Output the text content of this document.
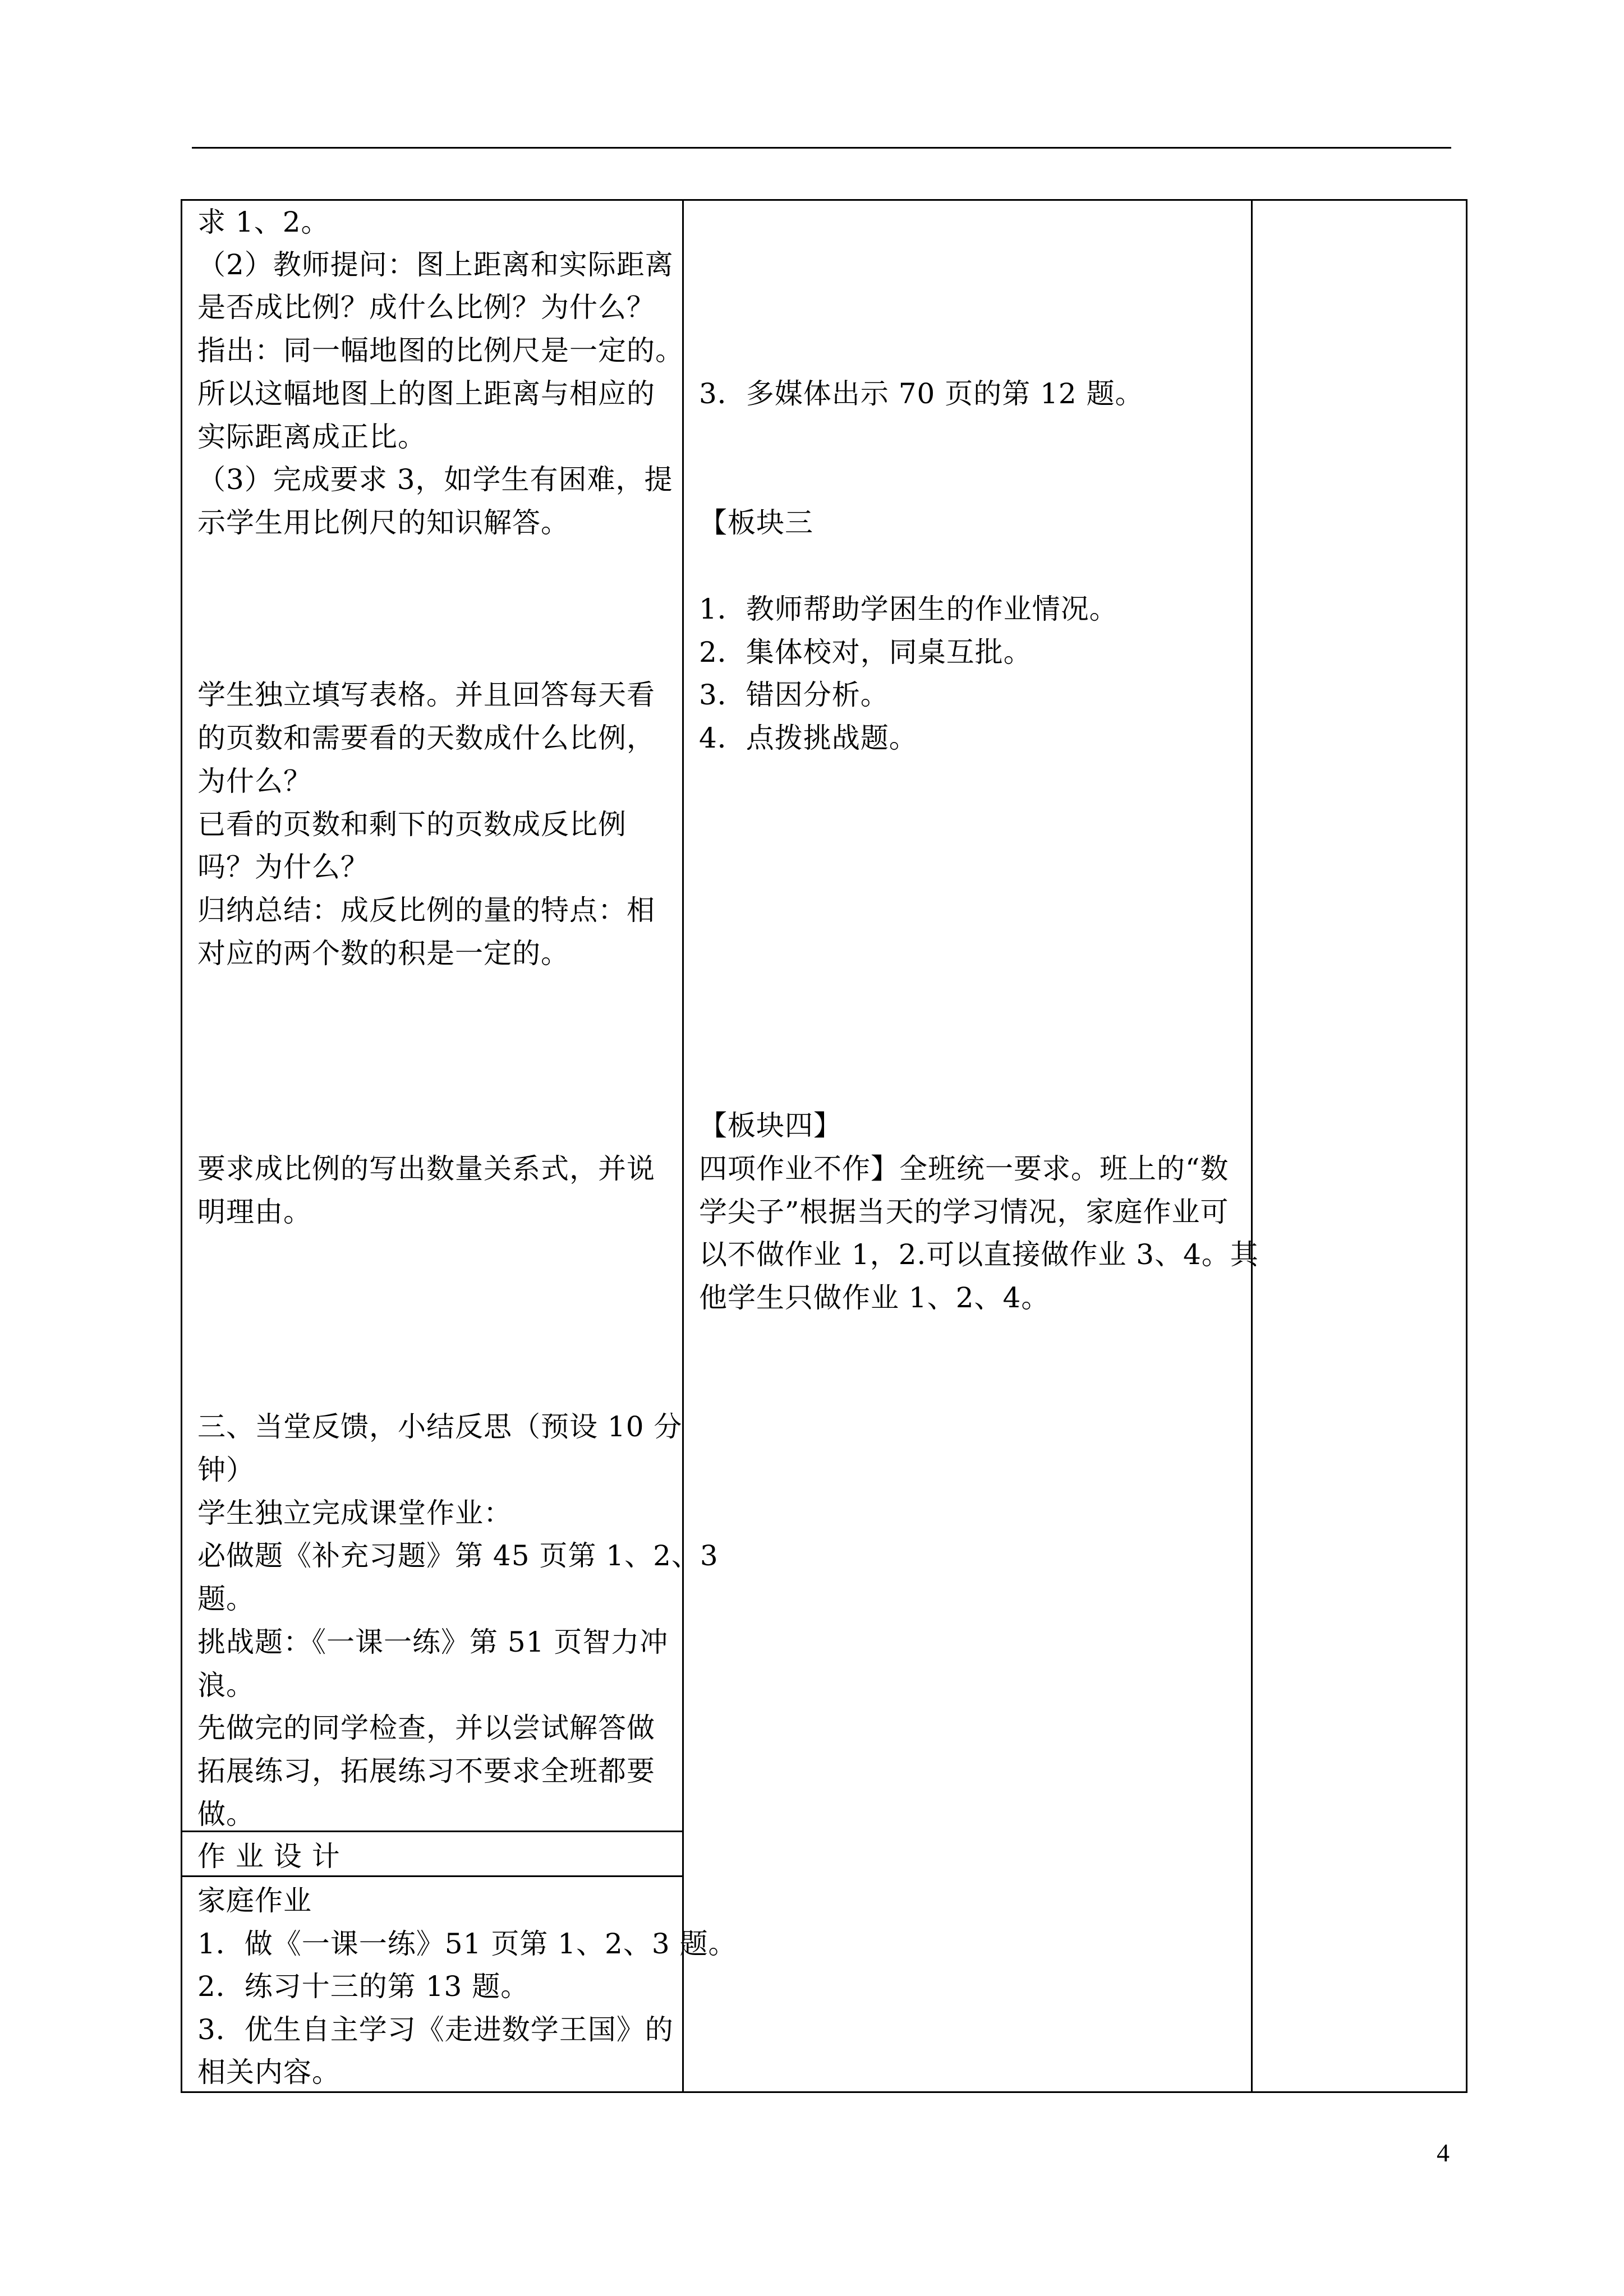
求 1、2。
（2）教师提问：图上距离和实际距离
是否成比例？成什么比例？为什么？
指出：同一幅地图的比例尺是一定的。
所以这幅地图上的图上距离与相应的
实际距离成正比。
（3）完成要求 3，如学生有困难，提
示学生用比例尺的知识解答。
学生独立填写表格。并且回答每天看
的页数和需要看的天数成什么比例，
为什么？
已看的页数和剩下的页数成反比例
吗？为什么？
归纳总结：成反比例的量的特点：相
对应的两个数的积是一定的。
要求成比例的写出数量关系式，并说
明理由。
三、当堂反馈，小结反思（预设 10 分
钟）
学生独立完成课堂作业：
必做题《补充习题》第 45 页第 1、2、3
题。
挑战题：《一课一练》第 51 页智力冲
浪。
先做完的同学检查，并以尝试解答做
拓展练习，拓展练习不要求全班都要
做。
作 业 设 计
家庭作业
1．做《一课一练》51 页第 1、2、3 题。
2．练习十三的第 13 题。
3．优生自主学习《走进数学王国》的
相关内容。
3．多媒体出示 70 页的第 12 题。
【板块三
1．教师帮助学困生的作业情况。
2．集体校对，同桌互批。
3．错因分析。
4．点拨挑战题。
【板块四】
四项作业不作】全班统一要求。班上的“数
学尖子”根据当天的学习情况，家庭作业可
以不做作业 1，2.可以直接做作业 3、4。其
他学生只做作业 1、2、4。
4
